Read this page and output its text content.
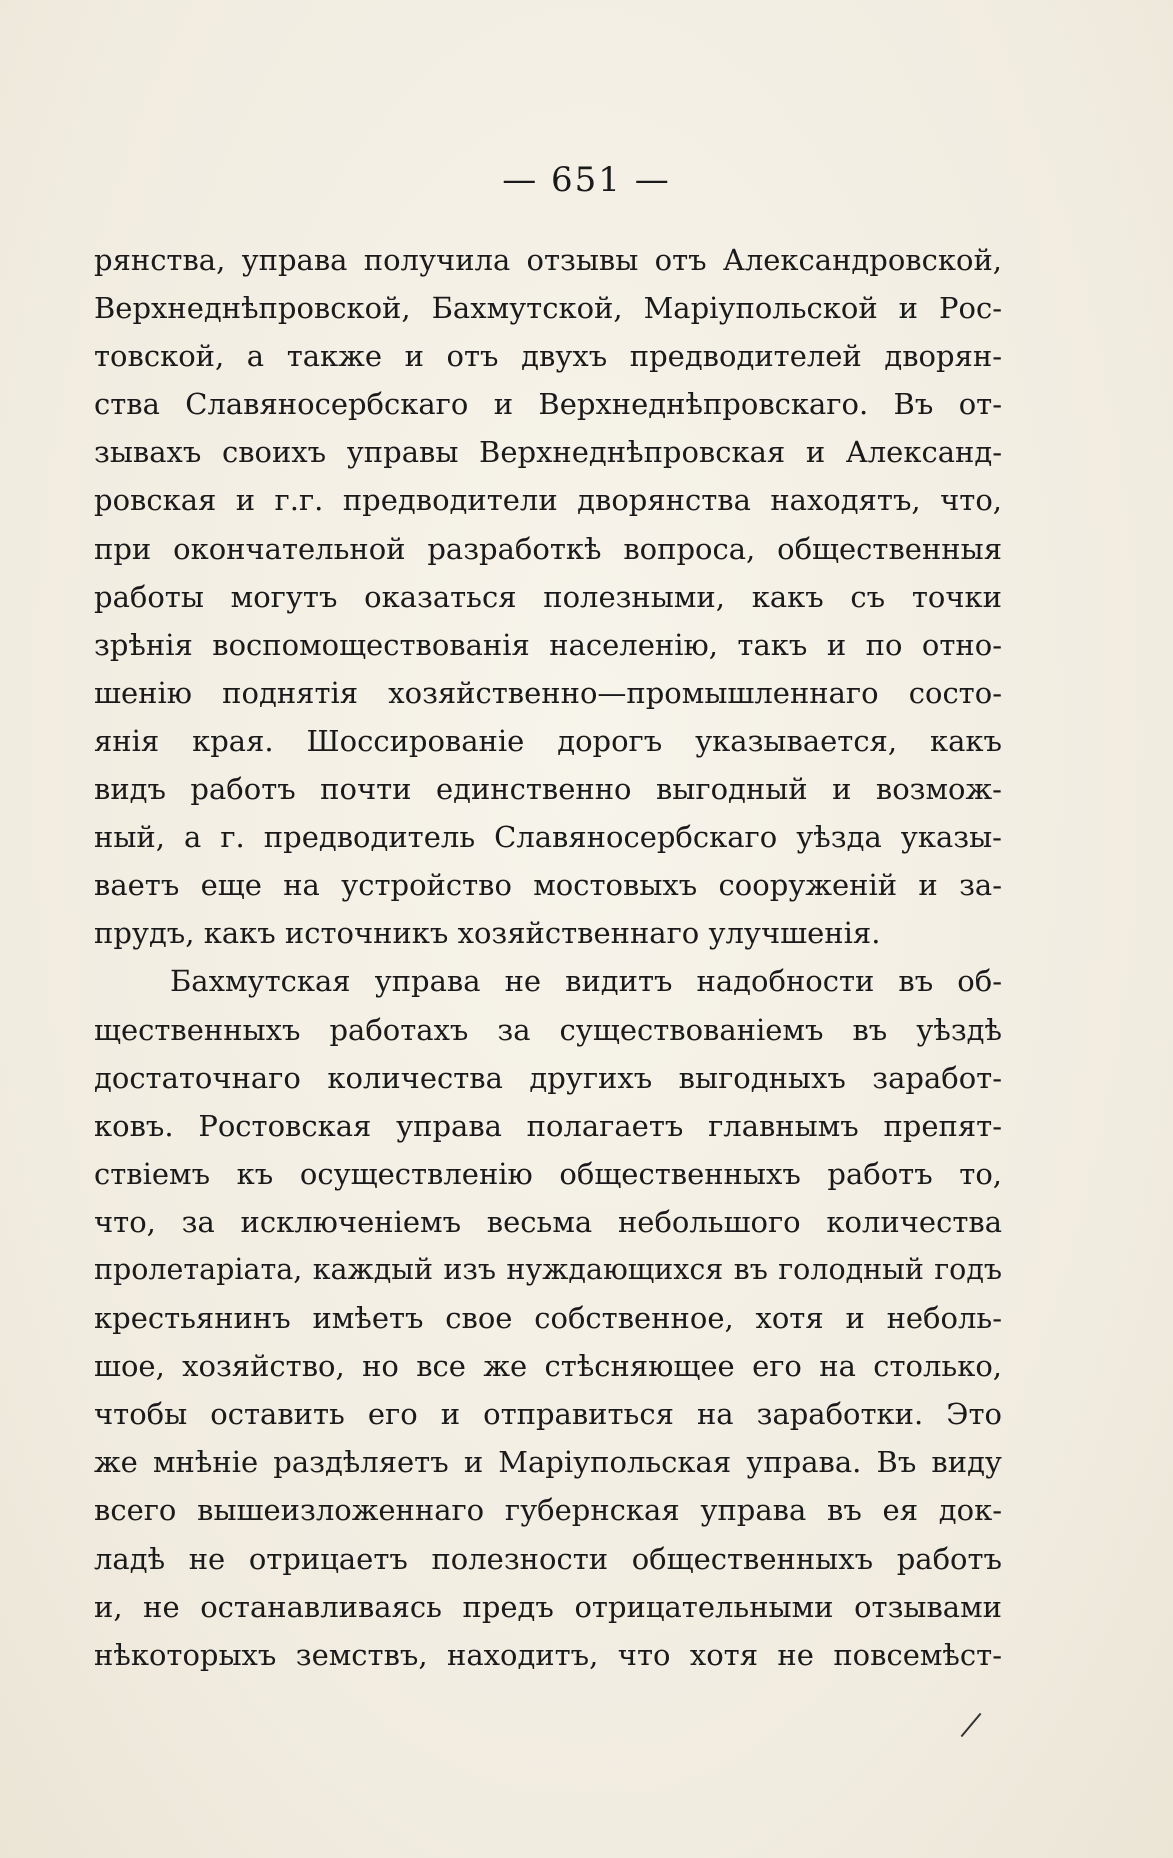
— 651 —
рянства, управа получила отзывы отъ Александровской,
Верхнеднѣпровской, Бахмутской, Маріупольской и Рос-
товской, а также и отъ двухъ предводителей дворян-
ства Славяносербскаго и Верхнеднѣпровскаго. Въ от-
зывахъ своихъ управы Верхнеднѣпровская и Александ-
ровская и г.г. предводители дворянства находятъ, что,
при окончательной разработкѣ вопроса, общественныя
работы могутъ оказаться полезными, какъ съ точки
зрѣнія воспомоществованія населенію, такъ и по отно-
шенію поднятія хозяйственно—промышленнаго состо-
янія края. Шоссированіе дорогъ указывается, какъ
видъ работъ почти единственно выгодный и возмож-
ный, а г. предводитель Славяносербскаго уѣзда указы-
ваетъ еще на устройство мостовыхъ сооруженій и за-
прудъ, какъ источникъ хозяйственнаго улучшенія.
Бахмутская управа не видитъ надобности въ об-
щественныхъ работахъ за существованіемъ въ уѣздѣ
достаточнаго количества другихъ выгодныхъ заработ-
ковъ. Ростовская управа полагаетъ главнымъ препят-
ствіемъ къ осуществленію общественныхъ работъ то,
что, за исключеніемъ весьма небольшого количества
пролетаріата, каждый изъ нуждающихся въ голодный годъ
крестьянинъ имѣетъ свое собственное, хотя и неболь-
шое, хозяйство, но все же стѣсняющее его на столько,
чтобы оставить его и отправиться на заработки. Это
же мнѣніе раздѣляетъ и Маріупольская управа. Въ виду
всего вышеизложеннаго губернская управа въ ея док-
ладѣ не отрицаетъ полезности общественныхъ работъ
и, не останавливаясь предъ отрицательными отзывами
нѣкоторыхъ земствъ, находитъ, что хотя не повсемѣст-
